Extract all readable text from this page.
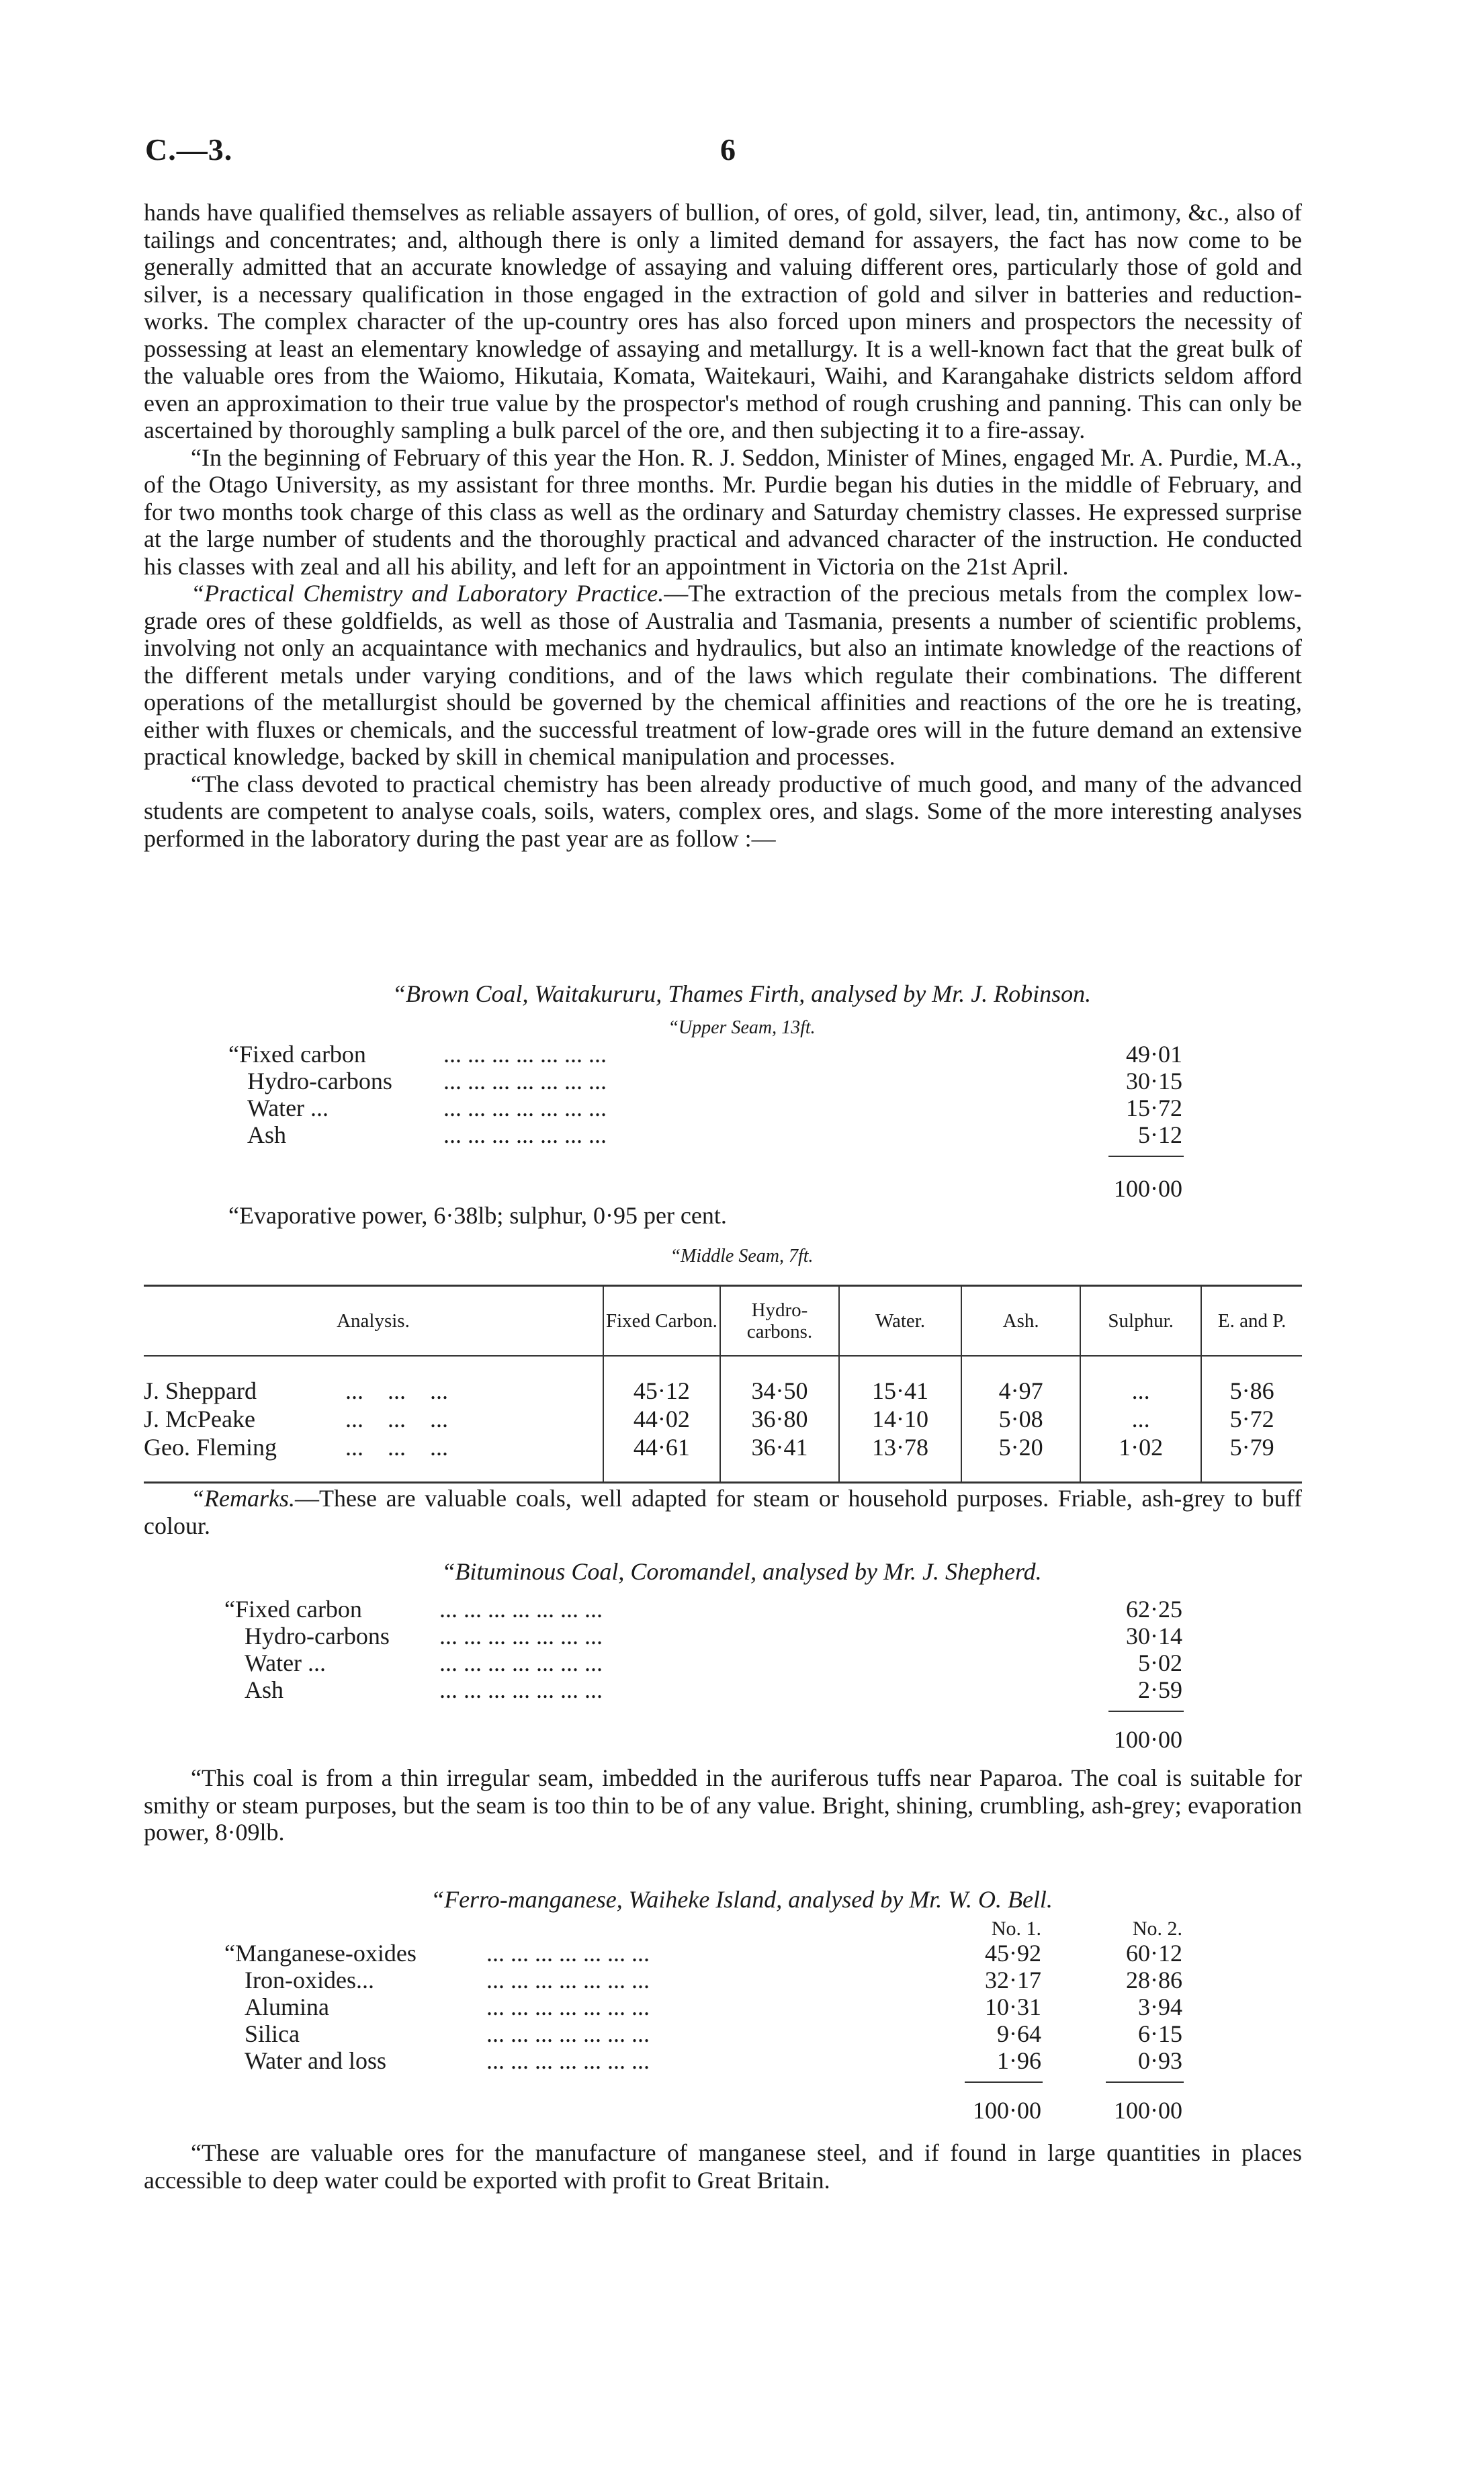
C.—3.	6

hands have qualified themselves as reliable assayers of bullion, of ores, of gold, silver, lead, tin, antimony, &c., also of tailings and concentrates; and, although there is only a limited demand for assayers, the fact has now come to be generally admitted that an accurate knowledge of assaying and valuing different ores, particularly those of gold and silver, is a necessary qualification in those engaged in the extraction of gold and silver in batteries and reduction-works. The complex character of the up-country ores has also forced upon miners and prospectors the necessity of possessing at least an elementary knowledge of assaying and metallurgy. It is a well-known fact that the great bulk of the valuable ores from the Waiomo, Hikutaia, Komata, Waitekauri, Waihi, and Karangahake districts seldom afford even an approximation to their true value by the prospector's method of rough crushing and panning. This can only be ascertained by thoroughly sampling a bulk parcel of the ore, and then subjecting it to a fire-assay.

“In the beginning of February of this year the Hon. R. J. Seddon, Minister of Mines, engaged Mr. A. Purdie, M.A., of the Otago University, as my assistant for three months. Mr. Purdie began his duties in the middle of February, and for two months took charge of this class as well as the ordinary and Saturday chemistry classes. He expressed surprise at the large number of students and the thoroughly practical and advanced character of the instruction. He conducted his classes with zeal and all his ability, and left for an appointment in Victoria on the 21st April.

“Practical Chemistry and Laboratory Practice.—The extraction of the precious metals from the complex low-grade ores of these goldfields, as well as those of Australia and Tasmania, presents a number of scientific problems, involving not only an acquaintance with mechanics and hydraulics, but also an intimate knowledge of the reactions of the different metals under varying conditions, and of the laws which regulate their combinations. The different operations of the metallurgist should be governed by the chemical affinities and reactions of the ore he is treating, either with fluxes or chemicals, and the successful treatment of low-grade ores will in the future demand an extensive practical knowledge, backed by skill in chemical manipulation and processes.

“The class devoted to practical chemistry has been already productive of much good, and many of the advanced students are competent to analyse coals, soils, waters, complex ores, and slags. Some of the more interesting analyses performed in the laboratory during the past year are as follow :—

“Brown Coal, Waitakururu, Thames Firth, analysed by Mr. J. Robinson.
“Upper Seam, 13ft.
“Fixed carbon	... ... ... ... ... ... ...	49·01
Hydro-carbons ... ... ... ... ... ... ...	30·15
Water ...	... ... ... ... ... ... ...	15·72
Ash	... ... ... ... ... ... ...	5·12
100·00
“Evaporative power, 6·38lb; sulphur, 0·95 per cent.
“Middle Seam, 7ft.
Analysis.	Fixed Carbon.	Hydro-carbons.	Water.	Ash.	Sulphur.	E. and P.
J. Sheppard ...    ...    ...	45·12	34·50	15·41	4·97	...	5·86
J. McPeake ...    ...    ...	44·02	36·80	14·10	5·08	...	5·72
Geo. Fleming ...    ...    ...	44·61	36·41	13·78	5·20	1·02	5·79

“Remarks.—These are valuable coals, well adapted for steam or household purposes. Friable, ash-grey to buff colour.

“Bituminous Coal, Coromandel, analysed by Mr. J. Shepherd.
“Fixed carbon	... ... ... ... ... ... ...	62·25
Hydro-carbons ... ... ... ... ... ... ...	30·14
Water ...	... ... ... ... ... ... ...	5·02
Ash	... ... ... ... ... ... ...	2·59
100·00

“This coal is from a thin irregular seam, imbedded in the auriferous tuffs near Paparoa. The coal is suitable for smithy or steam purposes, but the seam is too thin to be of any value. Bright, shining, crumbling, ash-grey; evaporation power, 8·09lb.

“Ferro-manganese, Waiheke Island, analysed by Mr. W. O. Bell.
No. 1.	No. 2.
“Manganese-oxides	... ... ... ... ... ... ...	45·92	60·12
Iron-oxides...	... ... ... ... ... ... ...	32·17	28·86
Alumina	... ... ... ... ... ... ...	10·31	3·94
Silica	... ... ... ... ... ... ...	9·64	6·15
Water and loss	... ... ... ... ... ... ...	1·96	0·93
100·00	100·00

“These are valuable ores for the manufacture of manganese steel, and if found in large quantities in places accessible to deep water could be exported with profit to Great Britain.
